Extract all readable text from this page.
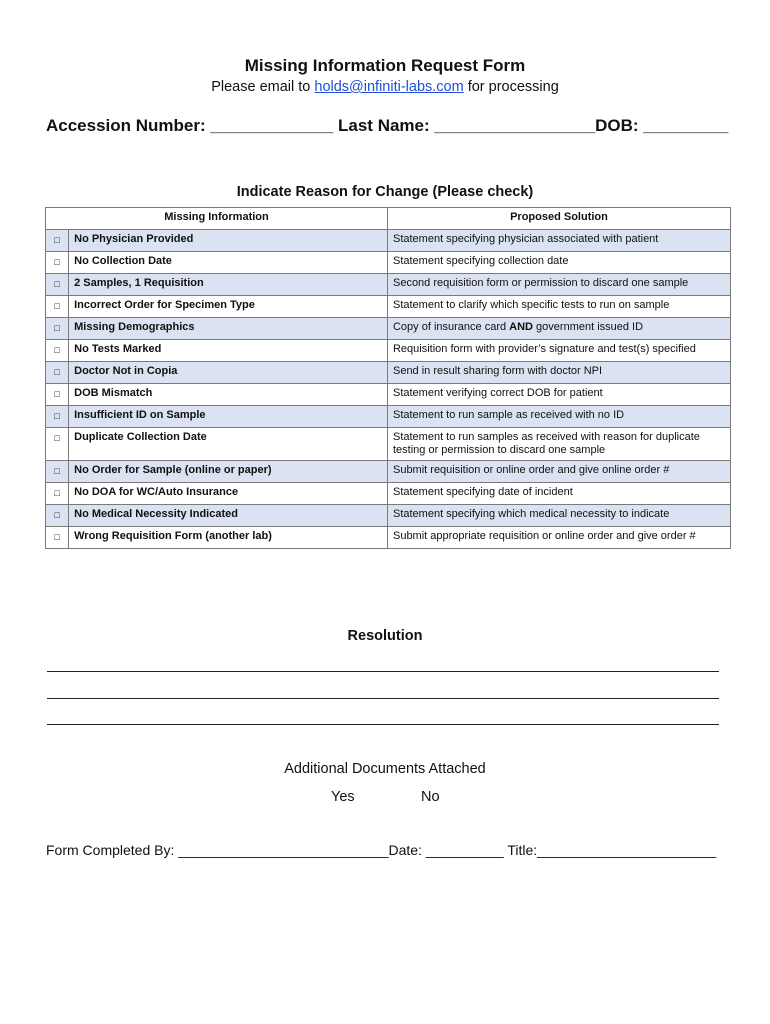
Missing Information Request Form
Please email to holds@infiniti-labs.com for processing
Accession Number: _____________ Last Name: _________________DOB: _________
Indicate Reason for Change (Please check)
Missing Information		Proposed Solution
□	No Physician Provided	Statement specifying physician associated with patient
□	No Collection Date	Statement specifying collection date
□	2 Samples, 1 Requisition	Second requisition form or permission to discard one sample
□	Incorrect Order for Specimen Type	Statement to clarify which specific tests to run on sample
□	Missing Demographics	Copy of insurance card AND government issued ID
□	No Tests Marked	Requisition form with provider’s signature and test(s) specified
□	Doctor Not in Copia	Send in result sharing form with doctor NPI
□	DOB Mismatch	Statement verifying correct DOB for patient
□	Insufficient ID on Sample	Statement to run sample as received with no ID
□	Duplicate Collection Date	Statement to run samples as received with reason for duplicate testing or permission to discard one sample
□	No Order for Sample (online or paper)	Submit requisition or online order and give online order #
□	No DOA for WC/Auto Insurance	Statement specifying date of incident
□	No Medical Necessity Indicated	Statement specifying which medical necessity to indicate
□	Wrong Requisition Form (another lab)	Submit appropriate requisition or online order and give order #
Resolution
Additional Documents Attached
Yes	No
Form Completed By: ___________________________Date: __________ Title:_______________________
